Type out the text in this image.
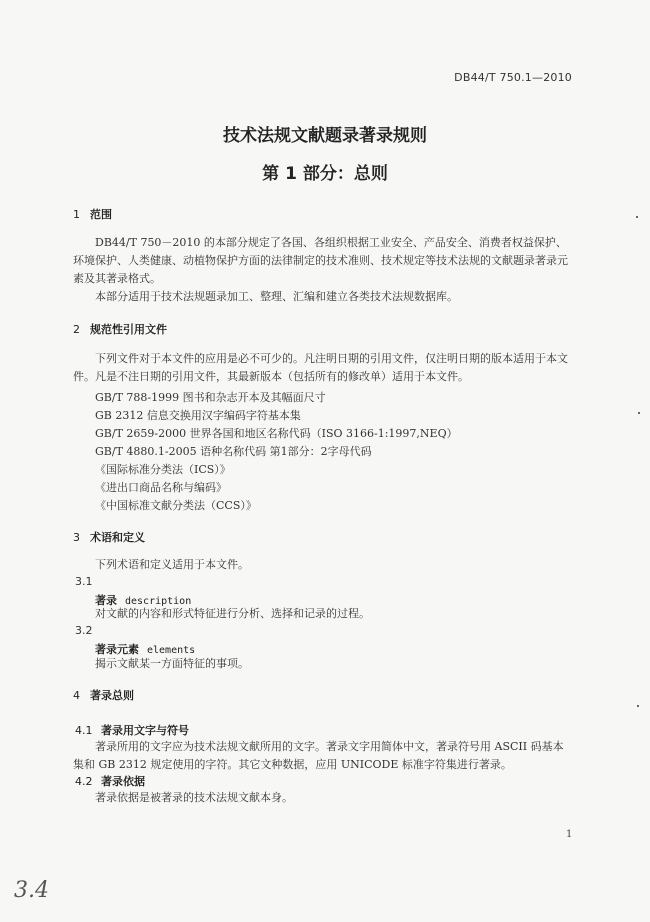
DB44/T 750.1—2010
技术法规文献题录著录规则
第 1 部分：总则
1 范围
DB44/T 750－2010 的本部分规定了各国、各组织根据工业安全、产品安全、消费者权益保护、环境保护、人类健康、动植物保护方面的法律制定的技术准则、技术规定等技术法规的文献题录著录元素及其著录格式。
本部分适用于技术法规题录加工、整理、汇编和建立各类技术法规数据库。
2 规范性引用文件
下列文件对于本文件的应用是必不可少的。凡注明日期的引用文件，仅注明日期的版本适用于本文件。凡是不注日期的引用文件，其最新版本（包括所有的修改单）适用于本文件。
GB/T 788-1999 图书和杂志开本及其幅面尺寸
GB 2312 信息交换用汉字编码字符基本集
GB/T 2659-2000 世界各国和地区名称代码（ISO 3166-1:1997,NEQ）
GB/T 4880.1-2005 语种名称代码 第1部分：2字母代码
《国际标准分类法（ICS）》
《进出口商品名称与编码》
《中国标准文献分类法（CCS）》
3 术语和定义
下列术语和定义适用于本文件。
3.1
著录 description
对文献的内容和形式特征进行分析、选择和记录的过程。
3.2
著录元素 elements
揭示文献某一方面特征的事项。
4 著录总则
4.1 著录用文字与符号
著录所用的文字应为技术法规文献所用的文字。著录文字用简体中文，著录符号用 ASCII 码基本集和 GB 2312 规定使用的字符。其它文种数据，应用 UNICODE 标准字符集进行著录。
4.2 著录依据
著录依据是被著录的技术法规文献本身。
1
3.4
